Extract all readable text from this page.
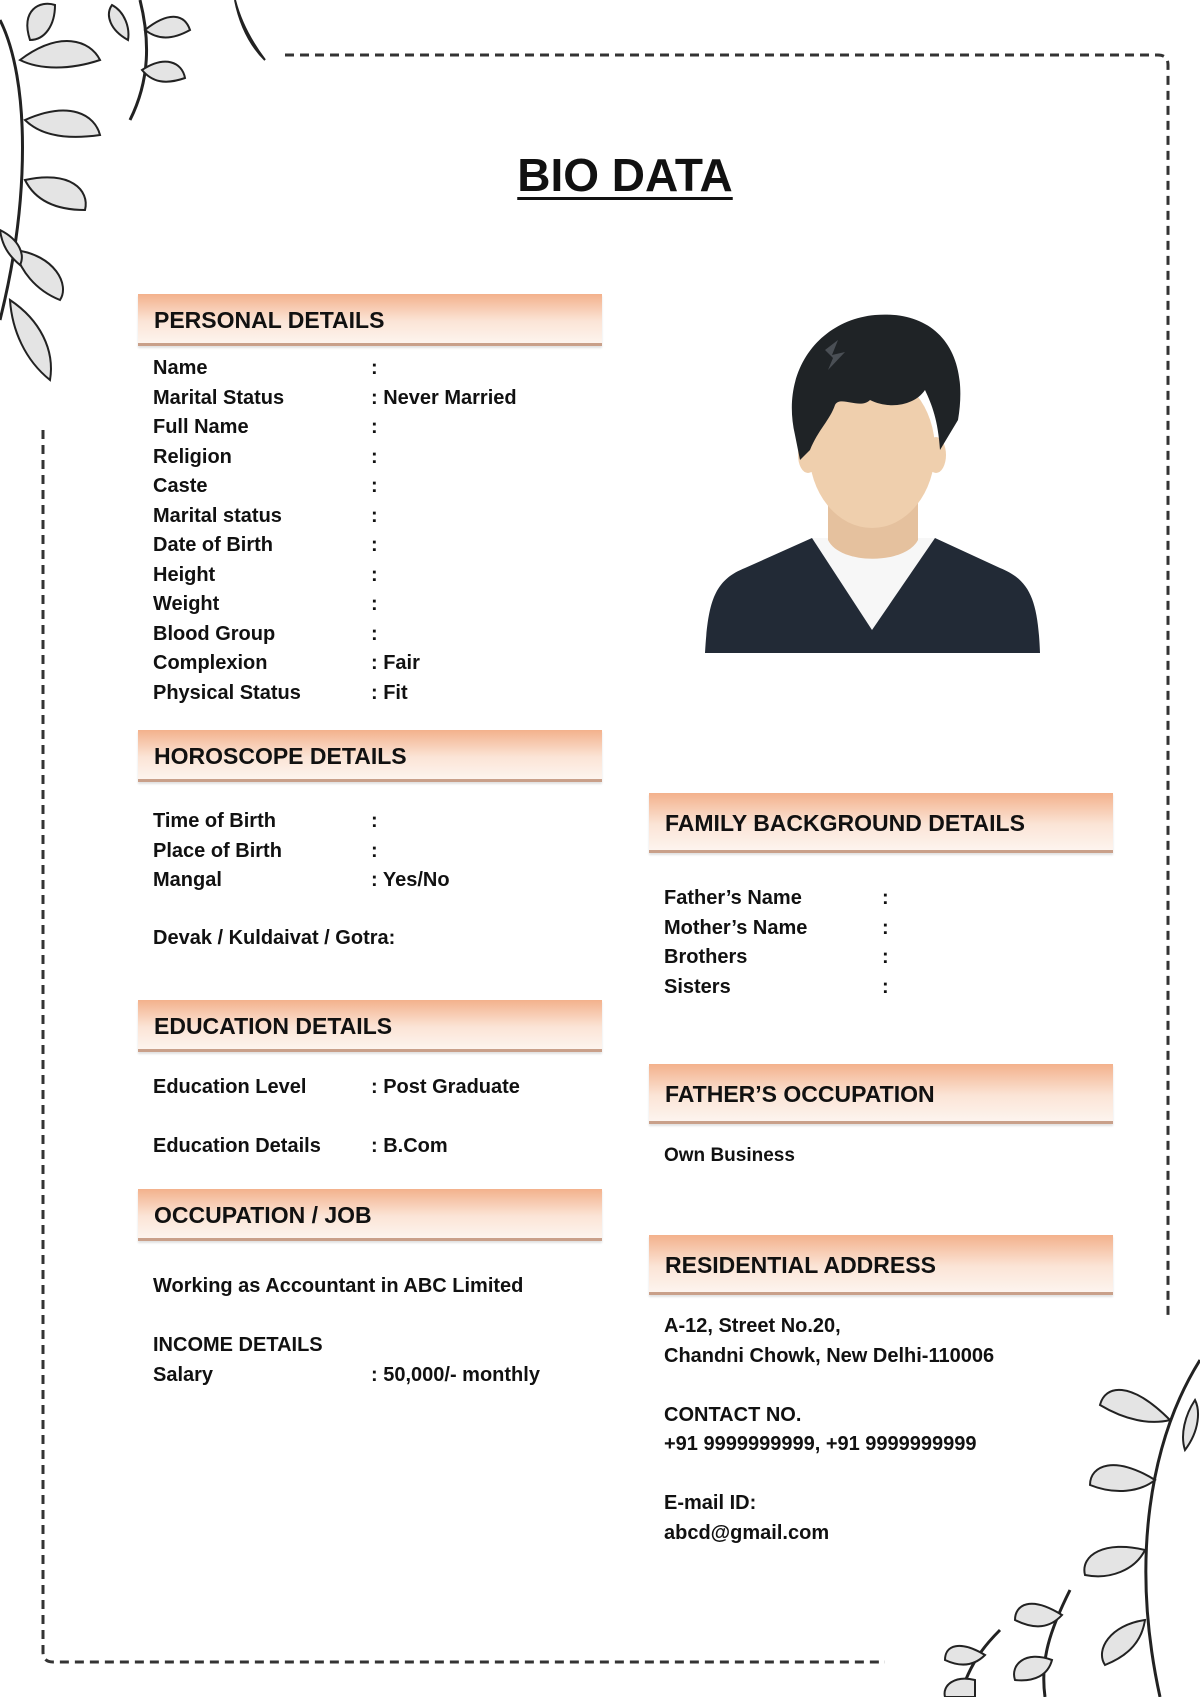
BIO DATA
PERSONAL DETAILS
Name	:
Marital Status	: Never Married
Full Name	:
Religion	:
Caste	:
Marital status	:
Date of Birth	:
Height	:
Weight	:
Blood Group	:
Complexion	: Fair
Physical Status	: Fit
HOROSCOPE DETAILS
Time of Birth	:
Place of Birth	:
Mangal	: Yes/No
Devak / Kuldaivat / Gotra:
EDUCATION DETAILS
Education Level	: Post Graduate
Education Details	: B.Com
OCCUPATION / JOB
Working as Accountant in ABC Limited
INCOME DETAILS
Salary	: 50,000/- monthly
FAMILY BACKGROUND DETAILS
Father’s Name	:
Mother’s Name	:
Brothers	:
Sisters	:
FATHER’S OCCUPATION
Own Business
RESIDENTIAL ADDRESS
A-12, Street No.20,
Chandni Chowk, New Delhi-110006
CONTACT NO.
+91 9999999999, +91 9999999999
E-mail ID:
abcd@gmail.com
